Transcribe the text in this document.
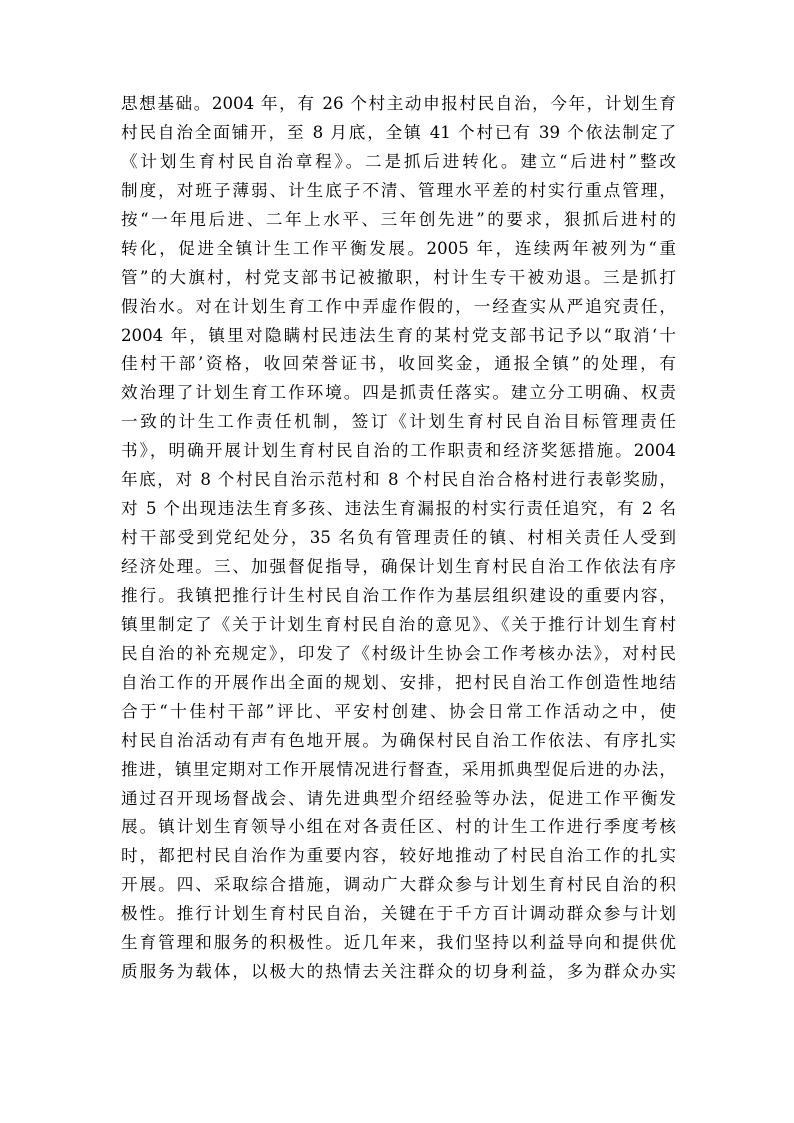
思想基础。2004 年，有 26 个村主动申报村民自治，今年，计划生育
村民自治全面铺开，至 8 月底，全镇 41 个村已有 39 个依法制定了
《计划生育村民自治章程》。二是抓后进转化。建立“后进村”整改
制度，对班子薄弱、计生底子不清、管理水平差的村实行重点管理，
按“一年甩后进、二年上水平、三年创先进”的要求，狠抓后进村的
转化，促进全镇计生工作平衡发展。2005 年，连续两年被列为“重
管”的大旗村，村党支部书记被撤职，村计生专干被劝退。三是抓打
假治水。对在计划生育工作中弄虚作假的，一经查实从严追究责任，
2004 年，镇里对隐瞒村民违法生育的某村党支部书记予以“取消‘十
佳村干部’资格，收回荣誉证书，收回奖金，通报全镇”的处理，有
效治理了计划生育工作环境。四是抓责任落实。建立分工明确、权责
一致的计生工作责任机制，签订《计划生育村民自治目标管理责任
书》，明确开展计划生育村民自治的工作职责和经济奖惩措施。2004
年底，对 8 个村民自治示范村和 8 个村民自治合格村进行表彰奖励，
对 5 个出现违法生育多孩、违法生育漏报的村实行责任追究，有 2 名
村干部受到党纪处分，35 名负有管理责任的镇、村相关责任人受到
经济处理。三、加强督促指导，确保计划生育村民自治工作依法有序
推行。我镇把推行计生村民自治工作作为基层组织建设的重要内容，
镇里制定了《关于计划生育村民自治的意见》、《关于推行计划生育村
民自治的补充规定》，印发了《村级计生协会工作考核办法》，对村民
自治工作的开展作出全面的规划、安排，把村民自治工作创造性地结
合于“十佳村干部”评比、平安村创建、协会日常工作活动之中，使
村民自治活动有声有色地开展。为确保村民自治工作依法、有序扎实
推进，镇里定期对工作开展情况进行督查，采用抓典型促后进的办法，
通过召开现场督战会、请先进典型介绍经验等办法，促进工作平衡发
展。镇计划生育领导小组在对各责任区、村的计生工作进行季度考核
时，都把村民自治作为重要内容，较好地推动了村民自治工作的扎实
开展。四、采取综合措施，调动广大群众参与计划生育村民自治的积
极性。推行计划生育村民自治，关键在于千方百计调动群众参与计划
生育管理和服务的积极性。近几年来，我们坚持以利益导向和提供优
质服务为载体，以极大的热情去关注群众的切身利益，多为群众办实
